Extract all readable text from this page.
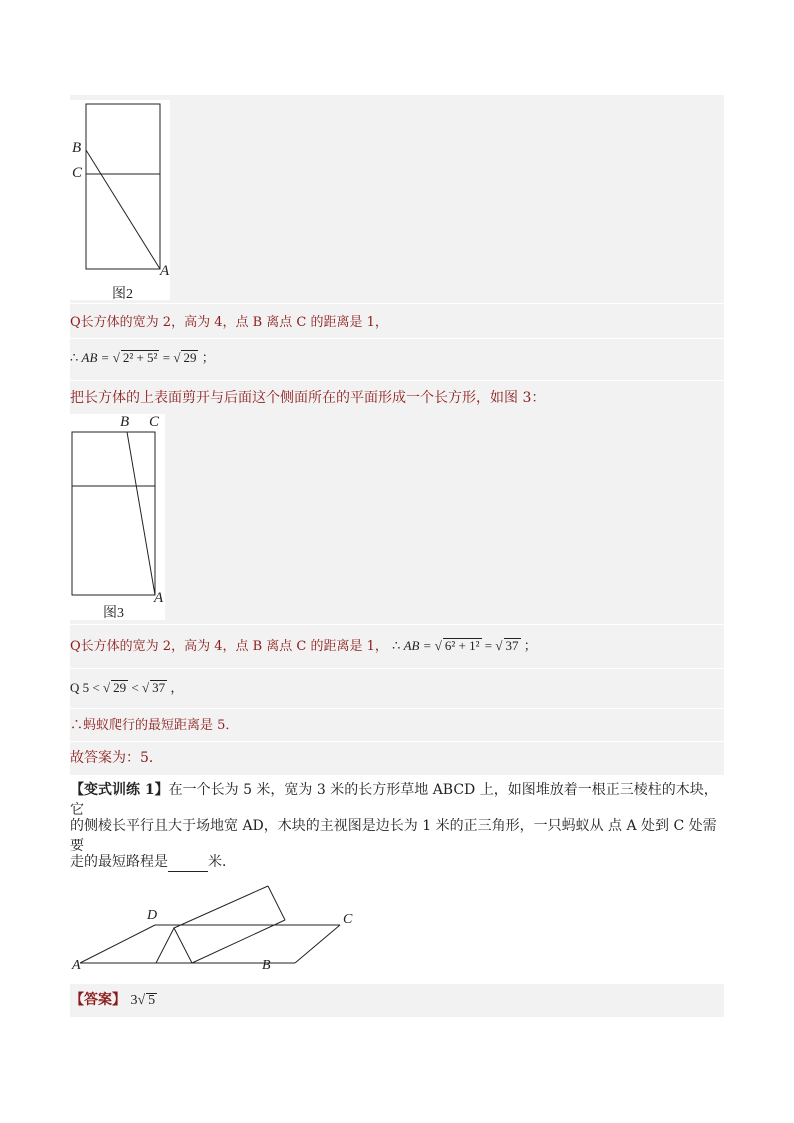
B
C
A
图2
Q长方体的宽为 2，高为 4，点 B 离点 C 的距离是 1，
∴ AB = √ 2² + 5² = √ 29 ；
把长方体的上表面剪开与后面这个侧面所在的平面形成一个长方形，如图 3：
B C
A
图3
Q长方体的宽为 2，高为 4，点 B 离点 C 的距离是 1， ∴ AB = √ 6² + 1² = √ 37 ；
Q 5 < √ 29 < √ 37 ，
∴蚂蚁爬行的最短距离是 5．
故答案为：5．
【变式训练 1】在一个长为 5 米，宽为 3 米的长方形草地 ABCD 上，如图堆放着一根正三棱柱的木块，它
的侧棱长平行且大于场地宽 AD，木块的主视图是边长为 1 米的正三角形，一只蚂蚁从 点 A 处到 C 处需要
走的最短路程是	米．
D	C
A	B
【答案】 3√ 5
